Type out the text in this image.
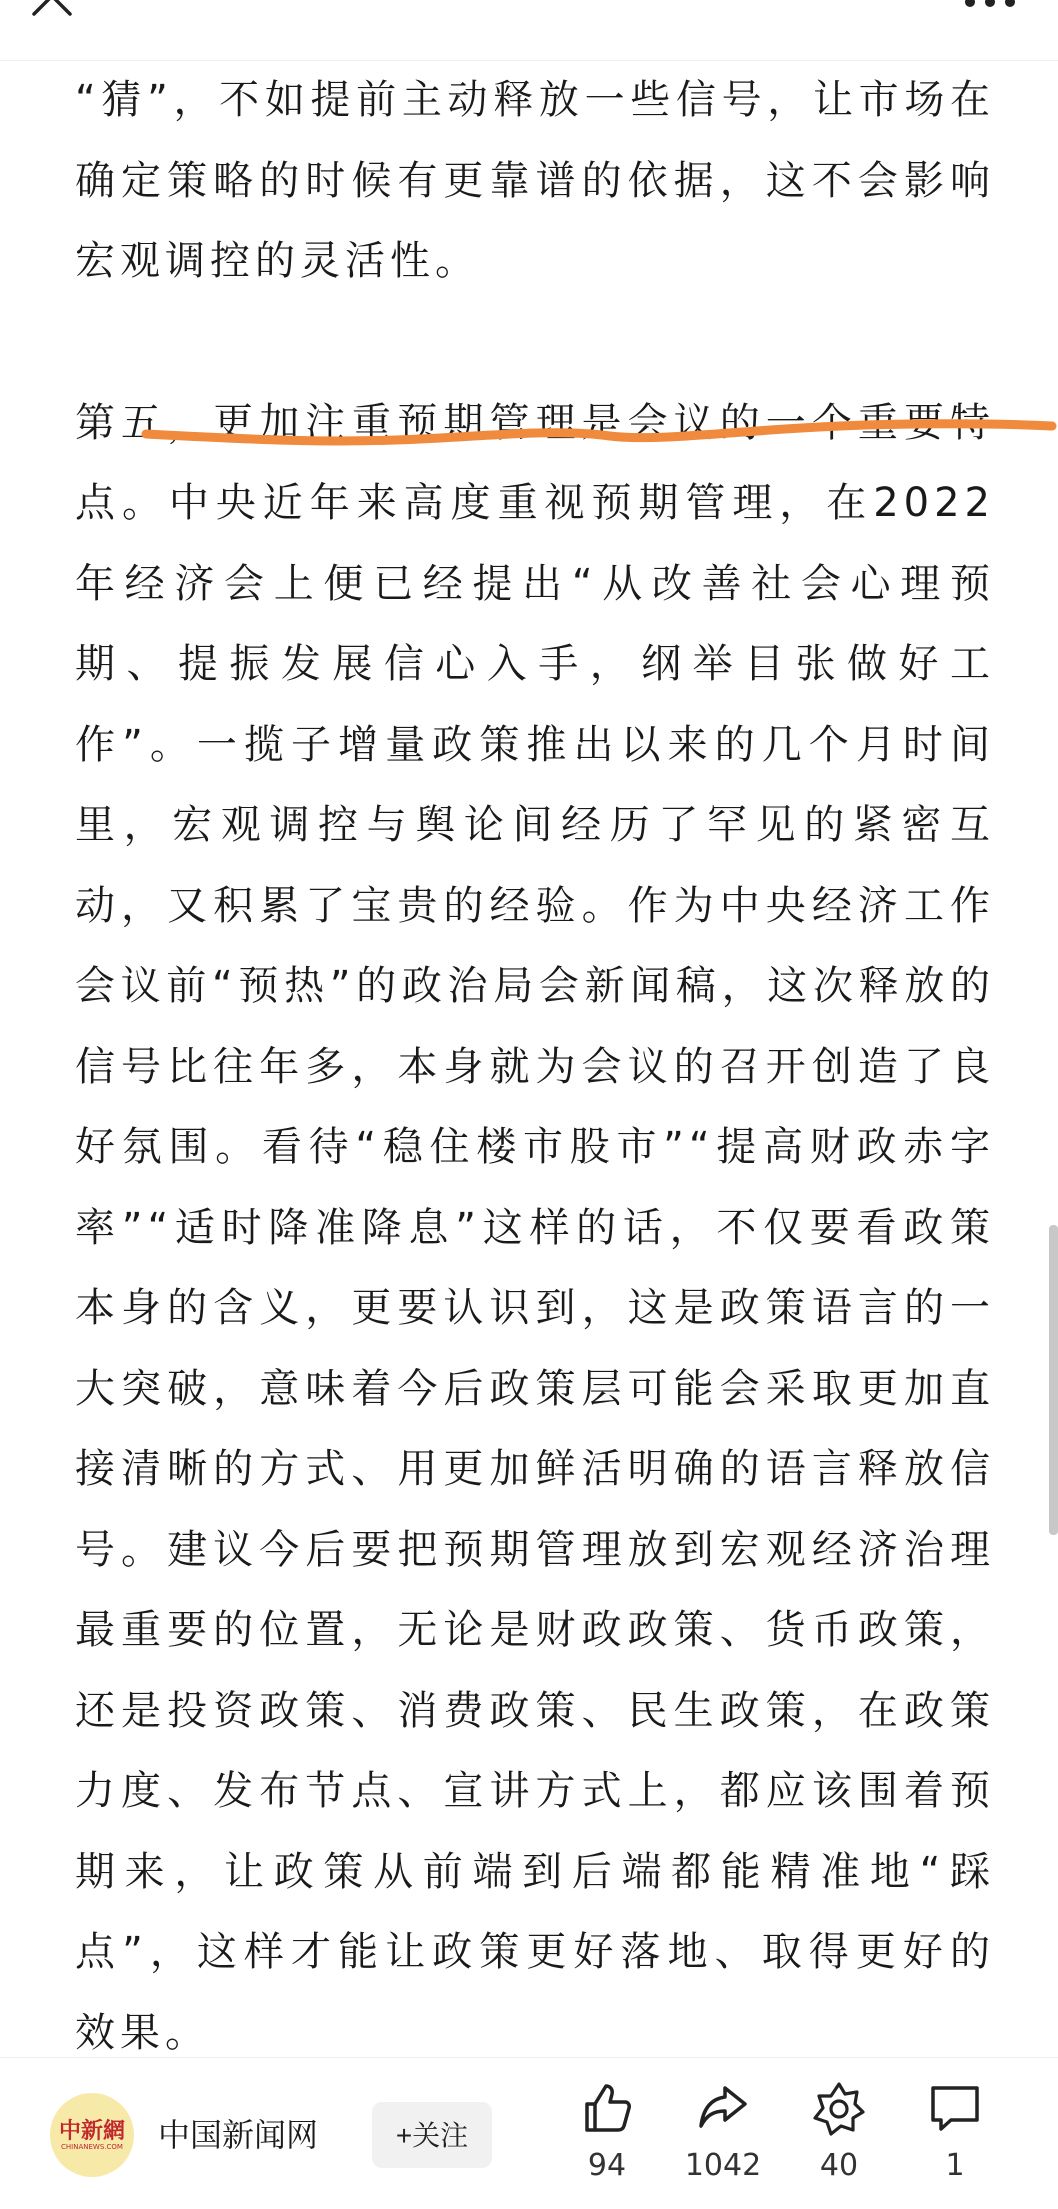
“猜”，不如提前主动释放一些信号，让市场在确定策略的时候有更靠谱的依据，这不会影响宏观调控的灵活性。

第五，更加注重预期管理是会议的一个重要特点。中央近年来高度重视预期管理，在2022年经济会上便已经提出“从改善社会心理预期、提振发展信心入手，纲举目张做好工作”。一揽子增量政策推出以来的几个月时间里，宏观调控与舆论间经历了罕见的紧密互动，又积累了宝贵的经验。作为中央经济工作会议前“预热”的政治局会新闻稿，这次释放的信号比往年多，本身就为会议的召开创造了良好氛围。看待“稳住楼市股市”“提高财政赤字率”“适时降准降息”这样的话，不仅要看政策本身的含义，更要认识到，这是政策语言的一大突破，意味着今后政策层可能会采取更加直接清晰的方式、用更加鲜活明确的语言释放信号。建议今后要把预期管理放到宏观经济治理最重要的位置，无论是财政政策、货币政策，还是投资政策、消费政策、民生政策，在政策力度、发布节点、宣讲方式上，都应该围着预期来，让政策从前端到后端都能精准地“踩点”，这样才能让政策更好落地、取得更好的效果。

中新網
CHINANEWS.COM 中国新闻网	+关注
94	1042	40	1
